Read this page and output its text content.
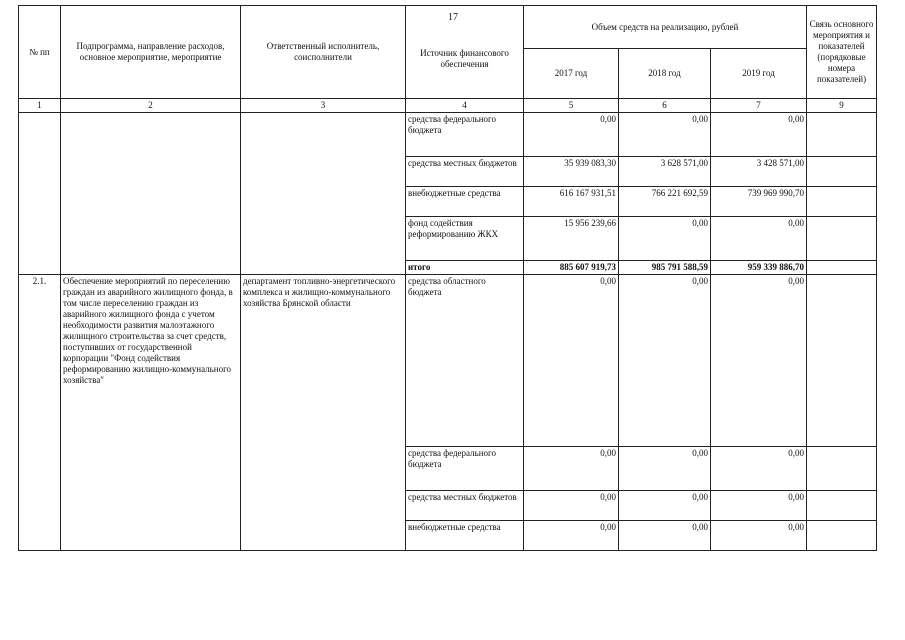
17
№ пп	Подпрограмма, направление расходов, основное мероприятие, мероприятие	Ответственный исполнитель, соисполнители	Источник финансового обеспечения	Объем средств на реализацию, рублей			Связь основного мероприятия и показателей (порядковые номера показателей)
				2017 год	2018 год	2019 год	
1	2	3	4	5	6	7	9
			средства федерального бюджета	0,00	0,00	0,00	
			средства местных бюджетов	35 939 083,30	3 628 571,00	3 428 571,00	
			внебюджетные средства	616 167 931,51	766 221 692,59	739 969 990,70	
			фонд содействия реформированию ЖКХ	15 956 239,66	0,00	0,00	
			итого	885 607 919,73	985 791 588,59	959 339 886,70	
2.1.	Обеспечение мероприятий по переселению граждан из аварийного жилищного фонда, в том числе переселению граждан из аварийного жилищного фонда с учетом необходимости развития малоэтажного жилищного строительства за счет средств, поступивших от государственной корпорации "Фонд содействия реформированию жилищно-коммунального хозяйства"	департамент топливно-энергетического комплекса и жилищно-коммунального хозяйства Брянской области	средства областного бюджета	0,00	0,00	0,00	
			средства федерального бюджета	0,00	0,00	0,00	
			средства местных бюджетов	0,00	0,00	0,00	
			внебюджетные средства	0,00	0,00	0,00	
